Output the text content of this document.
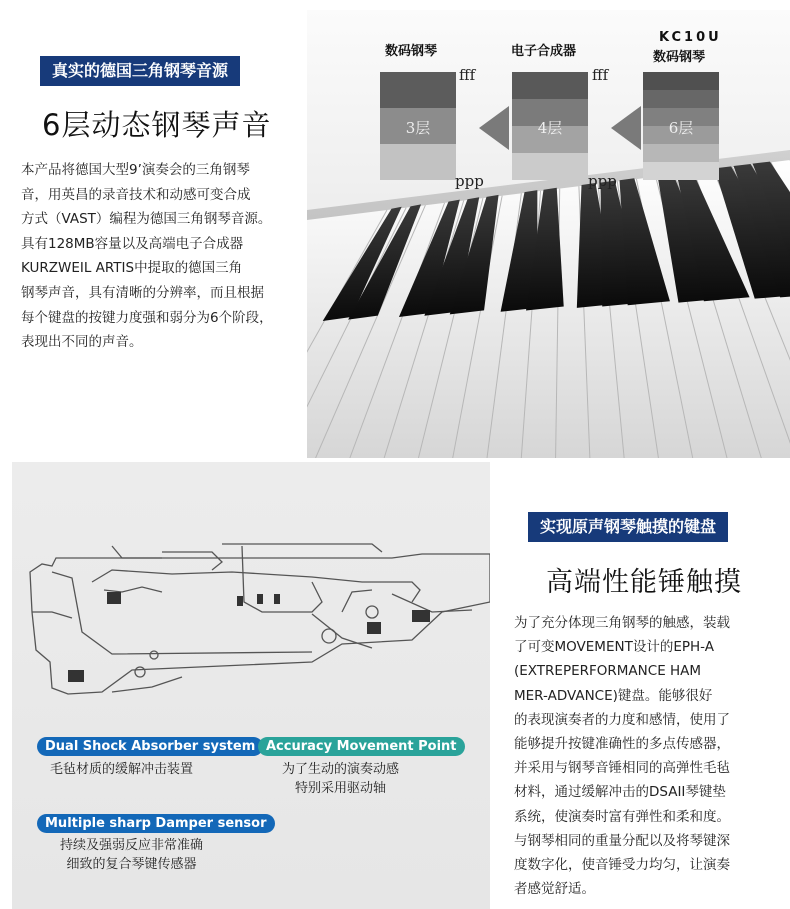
真实的德国三角钢琴音源
6层动态钢琴声音
本产品将德国大型9’演奏会的三角钢琴
音，用英昌的录音技术和动感可变合成
方式（VAST）编程为德国三角钢琴音源。
具有128MB容量以及高端电子合成器
KURZWEIL ARTIS中提取的德国三角
钢琴声音，具有清晰的分辨率，而且根据
每个键盘的按键力度强和弱分为6个阶段，
表现出不同的声音。
数码钢琴	电子合成器
KC10U
数码钢琴
3层
fff
ppp
4层
fff
ppp
6层
Dual Shock Absorber system
毛毡材质的缓解冲击装置
Accuracy Movement Point
为了生动的演奏动感
特别采用驱动轴
Multiple sharp Damper sensor
持续及强弱反应非常准确
细致的复合琴键传感器
实现原声钢琴触摸的键盘
高端性能锤触摸
为了充分体现三角钢琴的触感，装载
了可变MOVEMENT设计的EPH-A
(EXTREPERFORMANCE HAM
MER-ADVANCE)键盘。能够很好
的表现演奏者的力度和感情，使用了
能够提升按键准确性的多点传感器，
并采用与钢琴音锤相同的高弹性毛毡
材料，通过缓解冲击的DSAII琴键垫
系统，使演奏时富有弹性和柔和度。
与钢琴相同的重量分配以及将琴键深
度数字化，使音锤受力均匀，让演奏
者感觉舒适。
